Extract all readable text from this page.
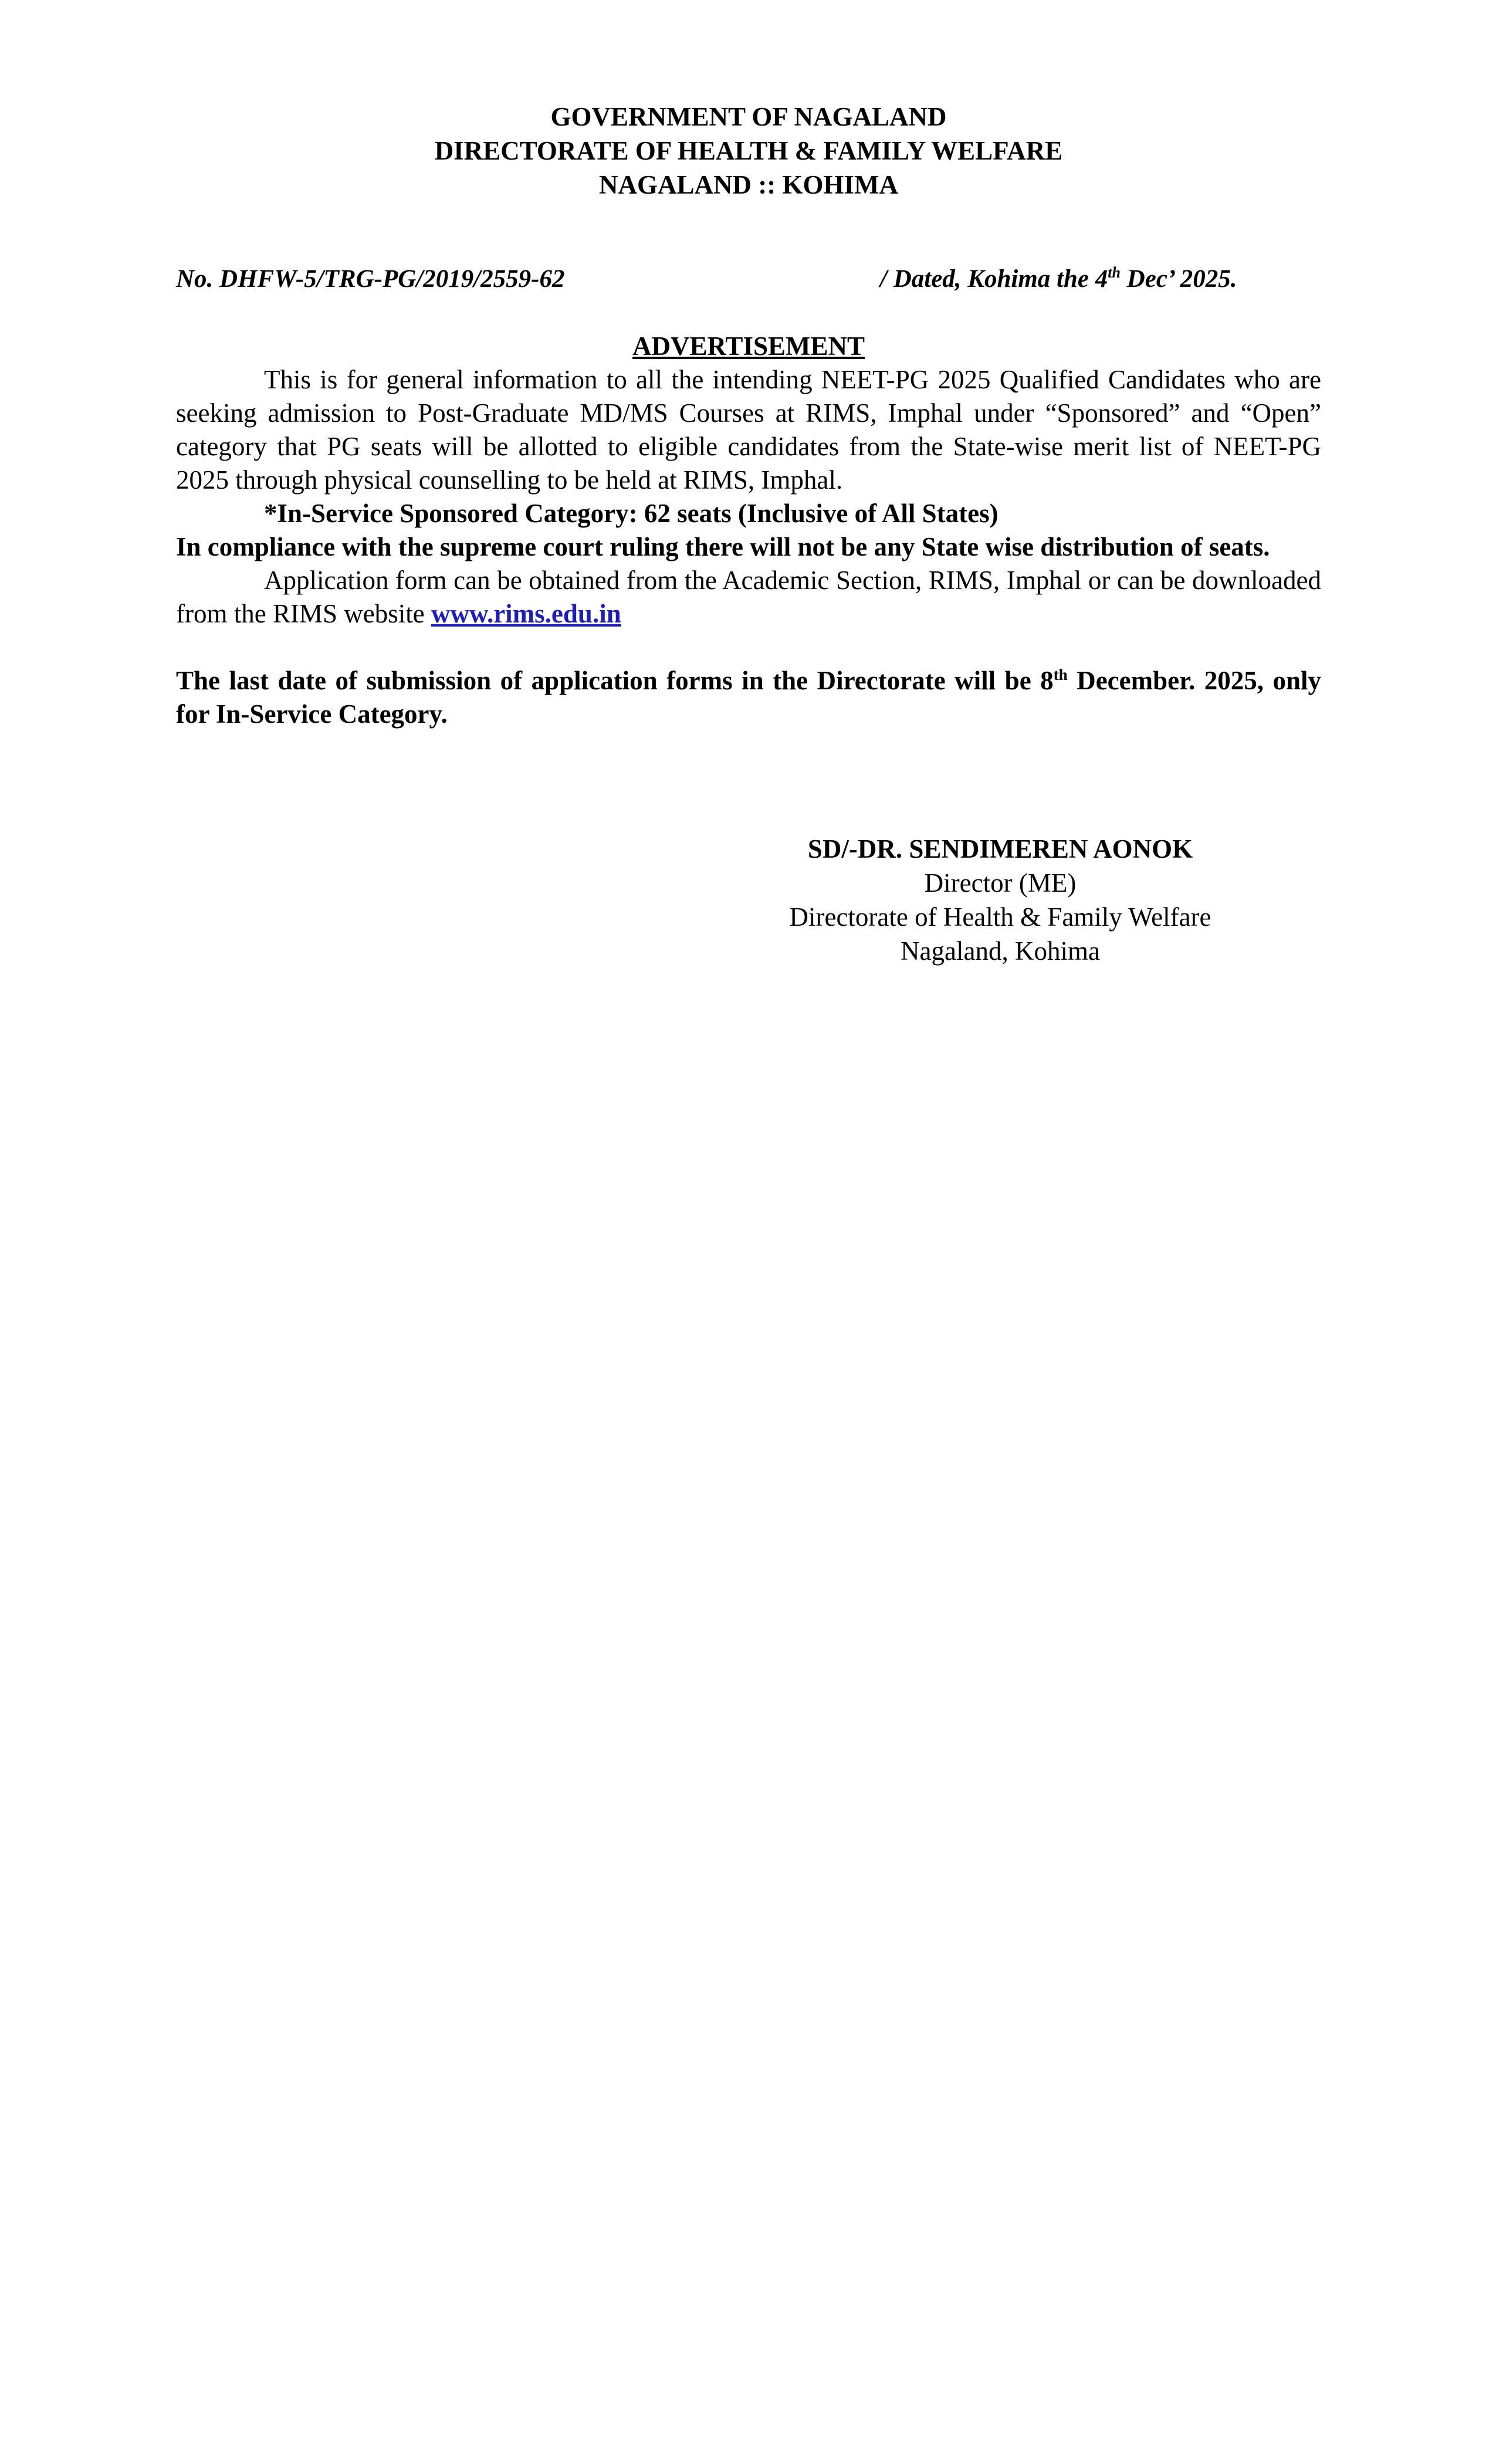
GOVERNMENT OF NAGALAND
DIRECTORATE OF HEALTH & FAMILY WELFARE
NAGALAND :: KOHIMA
No. DHFW-5/TRG-PG/2019/2559-62	/ Dated, Kohima the 4th Dec’ 2025.
ADVERTISEMENT
This is for general information to all the intending NEET-PG 2025 Qualified Candidates who are seeking admission to Post-Graduate MD/MS Courses at RIMS, Imphal under “Sponsored” and “Open” category that PG seats will be allotted to eligible candidates from the State-wise merit list of NEET-PG 2025 through physical counselling to be held at RIMS, Imphal.
*In-Service Sponsored Category: 62 seats (Inclusive of All States)
In compliance with the supreme court ruling there will not be any State wise distribution of seats.
Application form can be obtained from the Academic Section, RIMS, Imphal or can be downloaded from the RIMS website www.rims.edu.in
The last date of submission of application forms in the Directorate will be 8th December. 2025, only for In-Service Category.
SD/-DR. SENDIMEREN AONOK
Director (ME)
Directorate of Health & Family Welfare
Nagaland, Kohima
